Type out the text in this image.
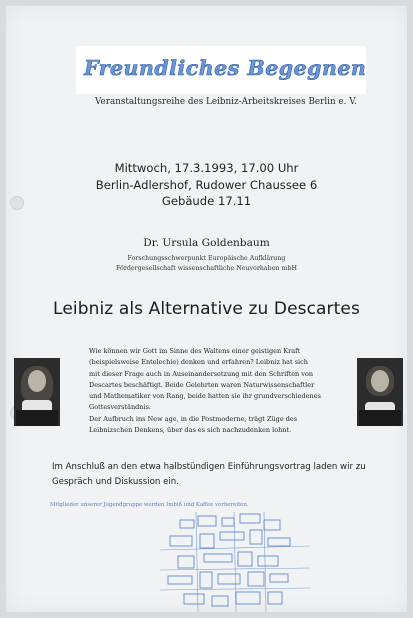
Freundliches Begegnen
Veranstaltungsreihe des Leibniz-Arbeitskreises Berlin e. V.
Mittwoch, 17.3.1993, 17.00 Uhr
Berlin-Adlershof, Rudower Chaussee 6
Gebäude 17.11
Dr. Ursula Goldenbaum
Forschungsschwerpunkt Europäische Aufklärung
Fördergesellschaft wissenschaftliche Neuvorhaben mbH
Leibniz als Alternative zu Descartes
Wie können wir Gott im Sinne des Waltens einer geistigen Kraft
(beispielsweise Entelechie) denken und erfahren? Leibniz hat sich
mit dieser Frage auch in Auseinandersetzung mit den Schriften von
Descartes beschäftigt. Beide Gelehrten waren Naturwissenschaftler
und Mathematiker von Rang, beide hatten sie ihr grundverschiedenes
Gottesverständnis.
Der Aufbruch ins New age, in die Postmoderne, trägt Züge des
Leibnizschen Denkens, über das es sich nachzudenken lohnt.
Im Anschluß an den etwa halbstündigen Einführungsvortrag laden wir zu
Gespräch und Diskussion ein.
Mitglieder unserer Jugendgruppe werden Imbiß und Kaffee vorbereiten.
